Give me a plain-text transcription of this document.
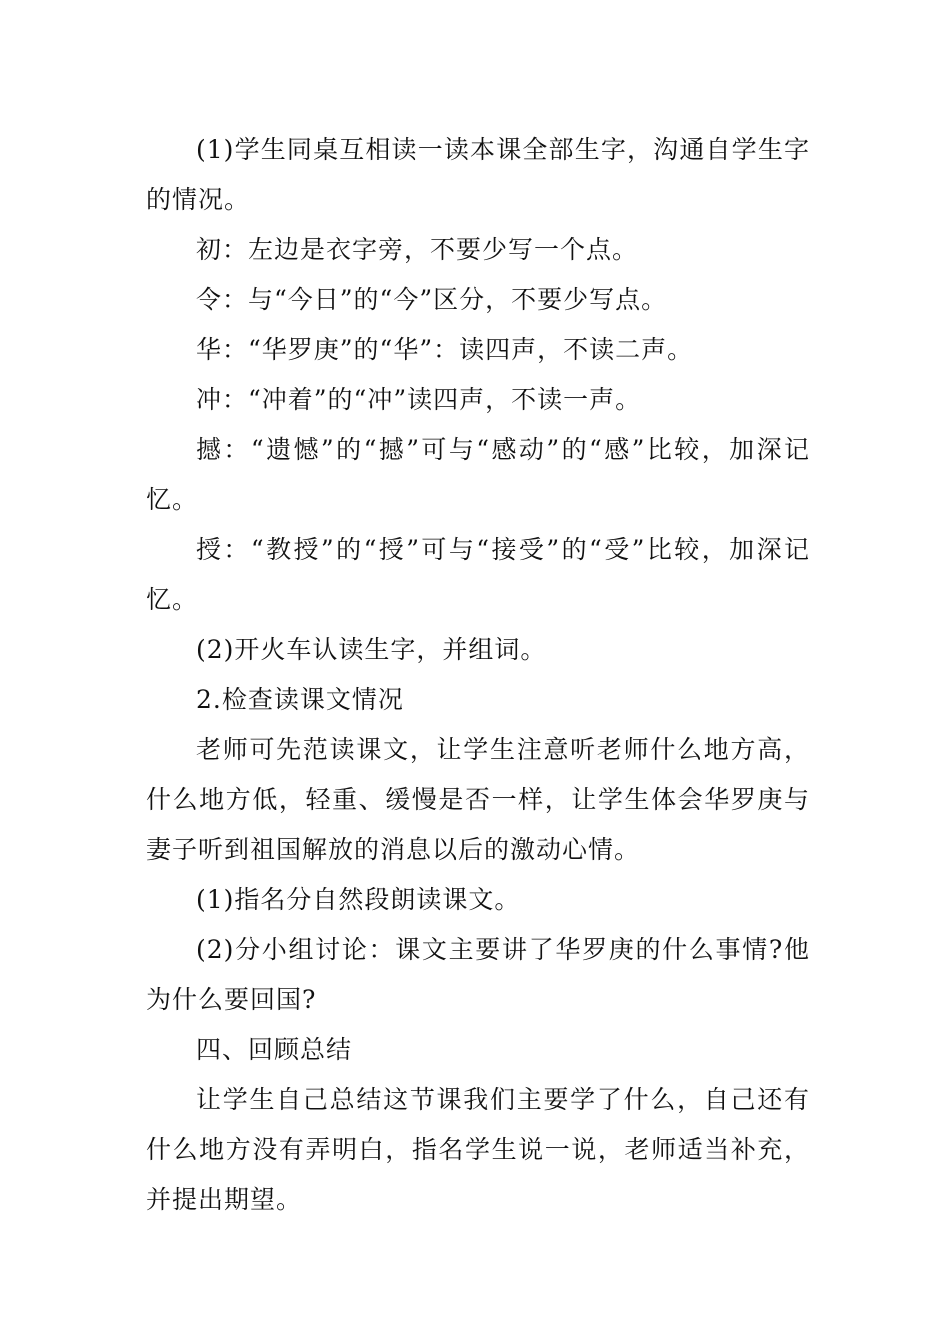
(1)学生同桌互相读一读本课全部生字，沟通自学生字的情况。

初：左边是衣字旁，不要少写一个点。

令：与“今日”的“今”区分，不要少写点。

华：“华罗庚”的“华”：读四声，不读二声。

冲：“冲着”的“冲”读四声，不读一声。

撼：“遗憾”的“撼”可与“感动”的“感”比较，加深记忆。

授：“教授”的“授”可与“接受”的“受”比较，加深记忆。

(2)开火车认读生字，并组词。

2.检查读课文情况

老师可先范读课文，让学生注意听老师什么地方高，什么地方低，轻重、缓慢是否一样，让学生体会华罗庚与妻子听到祖国解放的消息以后的激动心情。

(1)指名分自然段朗读课文。

(2)分小组讨论：课文主要讲了华罗庚的什么事情?他为什么要回国?

四、回顾总结

让学生自己总结这节课我们主要学了什么，自己还有什么地方没有弄明白，指名学生说一说，老师适当补充，并提出期望。
